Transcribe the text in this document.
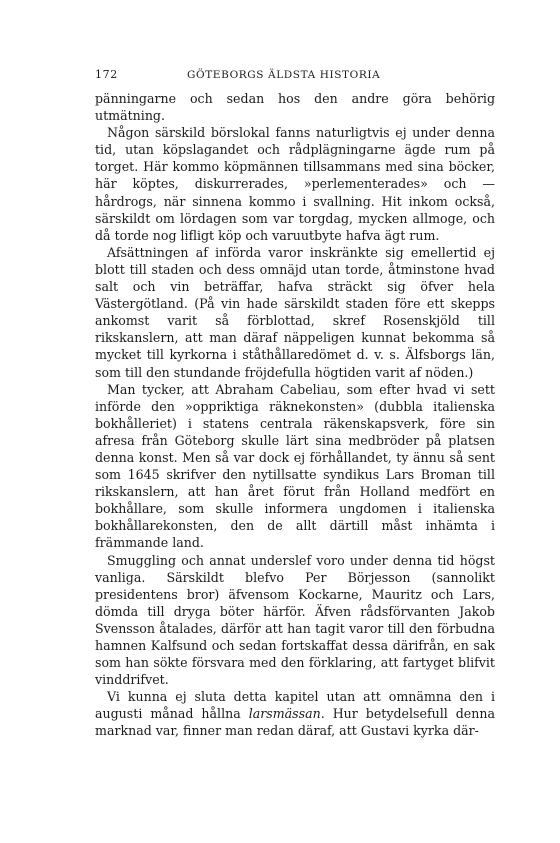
172	GÖTEBORGS ÄLDSTA HISTORIA

pänningarne och sedan hos den andre göra behörig utmätning.

Någon särskild börslokal fanns naturligtvis ej under denna tid, utan köpslagandet och rådplägningarne ägde rum på torget. Här kommo köpmännen tillsammans med sina böcker, här köptes, diskurrerades, »perlementerades» och — hårdrogs, när sinnena kommo i svallning. Hit inkom också, särskildt om lördagen som var torgdag, mycken allmoge, och då torde nog lifligt köp och varuutbyte hafva ägt rum.

Afsättningen af införda varor inskränkte sig emellertid ej blott till staden och dess omnäjd utan torde, åtminstone hvad salt och vin beträffar, hafva sträckt sig öfver hela Västergötland. (På vin hade särskildt staden före ett skepps ankomst varit så förblottad, skref Rosenskjöld till rikskanslern, att man däraf näppeligen kunnat bekomma så mycket till kyrkorna i ståthållaredömet d. v. s. Älfsborgs län, som till den stundande fröjdefulla högtiden varit af nöden.)

Man tycker, att Abraham Cabeliau, som efter hvad vi sett införde den »oppriktiga räknekonsten» (dubbla italienska bokhålleriet) i statens centrala räkenskapsverk, före sin afresa från Göteborg skulle lärt sina medbröder på platsen denna konst. Men så var dock ej förhållandet, ty ännu så sent som 1645 skrifver den nytillsatte syndikus Lars Broman till rikskanslern, att han året förut från Holland medfört en bokhållare, som skulle informera ungdomen i italienska bokhållarekonsten, den de allt därtill måst inhämta i främmande land.

Smuggling och annat underslef voro under denna tid högst vanliga. Särskildt blefvo Per Börjesson (sannolikt presidentens bror) äfvensom Kockarne, Mauritz och Lars, dömda till dryga böter härför. Äfven rådsförvanten Jakob Svensson åtalades, därför att han tagit varor till den förbudna hamnen Kalfsund och sedan fortskaffat dessa därifrån, en sak som han sökte försvara med den förklaring, att fartyget blifvit vinddrifvet.

Vi kunna ej sluta detta kapitel utan att omnämna den i augusti månad hållna larsmässan. Hur betydelsefull denna marknad var, finner man redan däraf, att Gustavi kyrka där-
